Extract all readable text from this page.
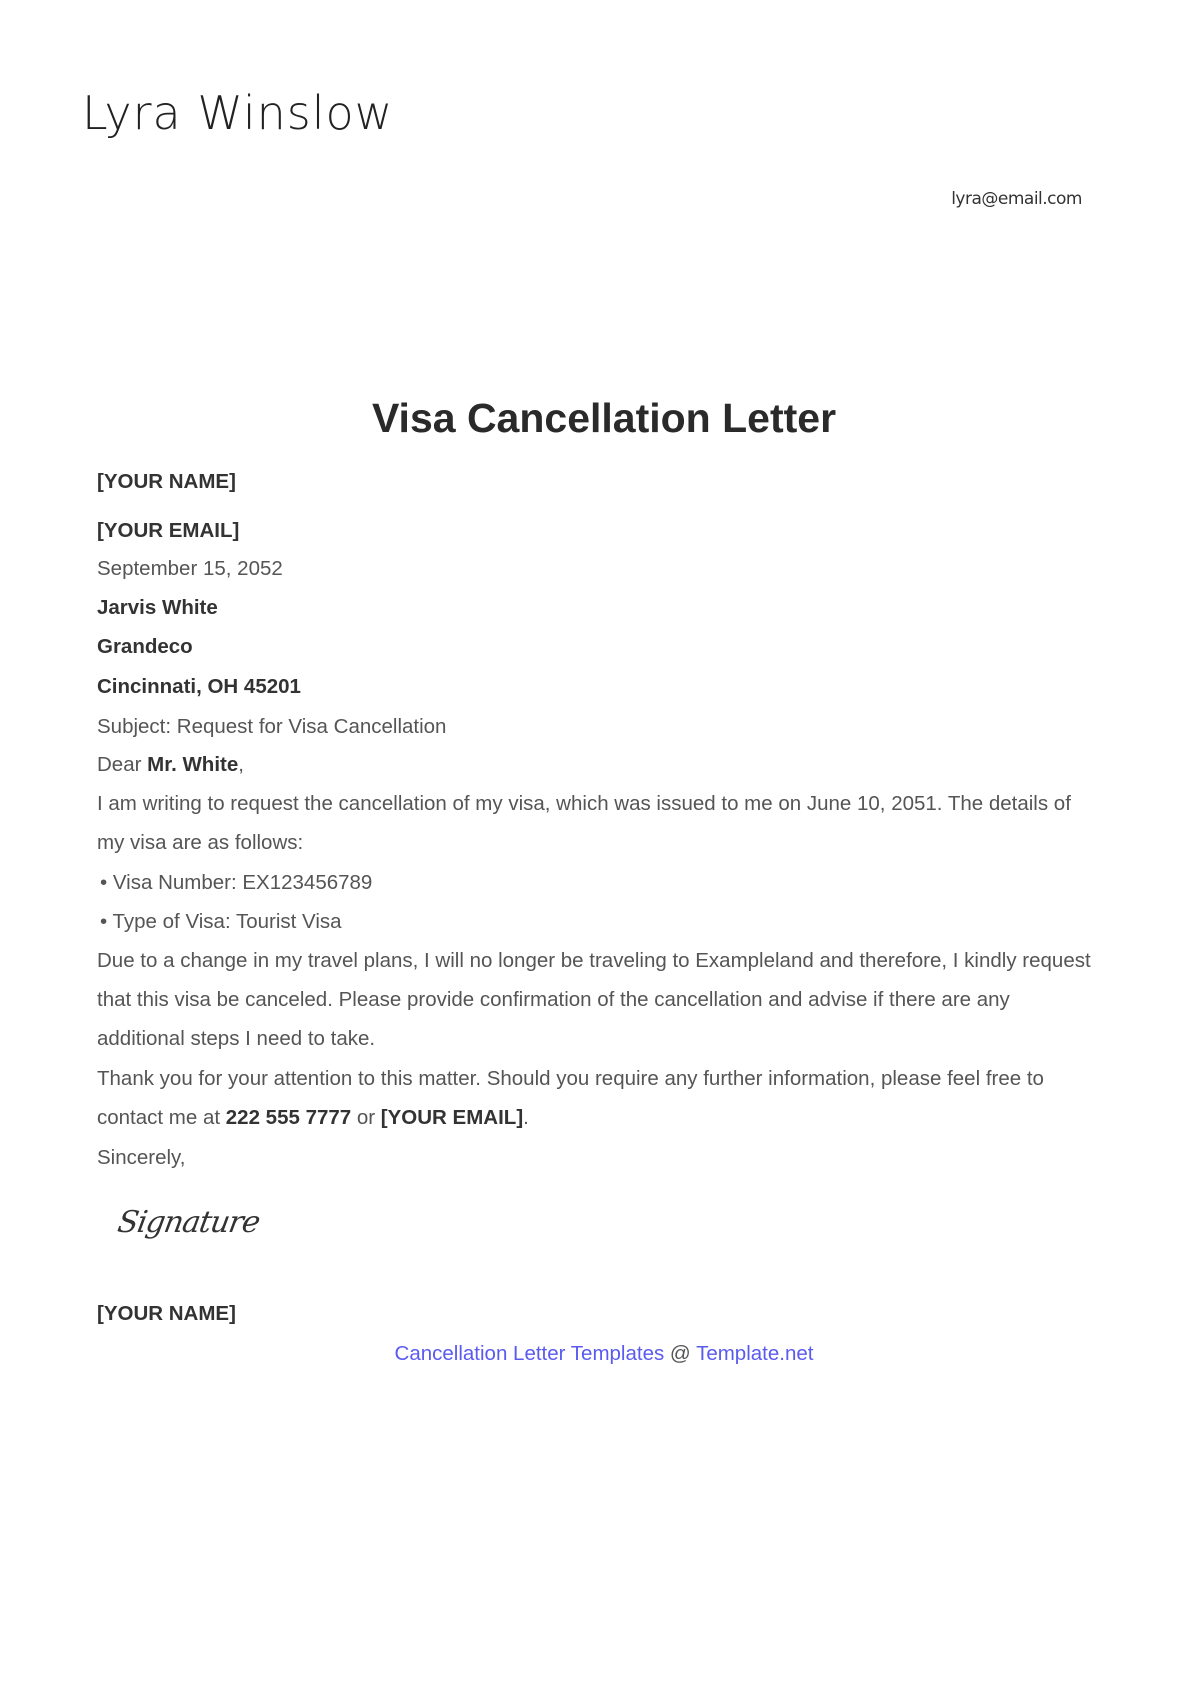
Lyra Winslow
lyra@email.com
Visa Cancellation Letter
[YOUR NAME]
[YOUR EMAIL]
September 15, 2052
Jarvis White
Grandeco
Cincinnati, OH 45201
Subject: Request for Visa Cancellation
Dear Mr. White,
I am writing to request the cancellation of my visa, which was issued to me on June 10, 2051. The details of my visa are as follows:
• Visa Number: EX123456789
• Type of Visa: Tourist Visa
Due to a change in my travel plans, I will no longer be traveling to Exampleland and therefore, I kindly request that this visa be canceled. Please provide confirmation of the cancellation and advise if there are any additional steps I need to take.
Thank you for your attention to this matter. Should you require any further information, please feel free to contact me at 222 555 7777 or [YOUR EMAIL].
Sincerely,
Signature
[YOUR NAME]
Cancellation Letter Templates @ Template.net
